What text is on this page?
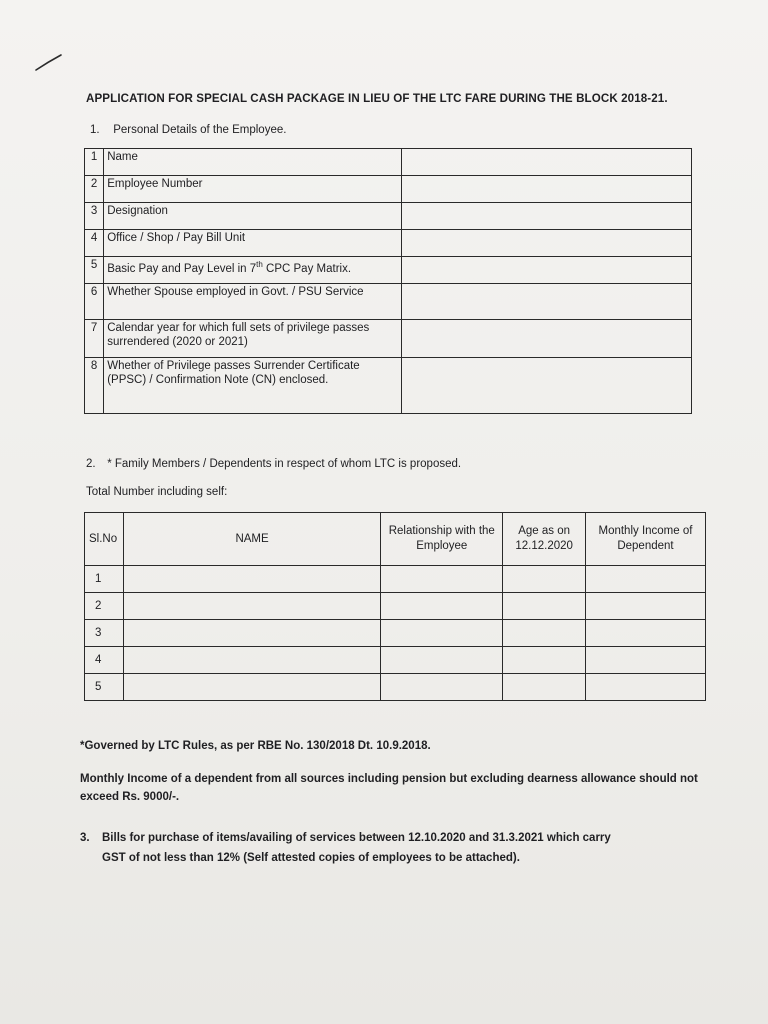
APPLICATION FOR SPECIAL CASH PACKAGE IN LIEU OF THE LTC FARE DURING THE BLOCK 2018-21.
1. Personal Details of the Employee.
1	Name	
2	Employee Number	
3	Designation	
4	Office / Shop / Pay Bill Unit	
5	Basic Pay and Pay Level in 7th CPC Pay Matrix.	
6	Whether Spouse employed in Govt. / PSU Service	
7	Calendar year for which full sets of privilege passes surrendered (2020 or 2021)	
8	Whether of Privilege passes Surrender Certificate (PPSC) / Confirmation Note (CN) enclosed.	
2. * Family Members / Dependents in respect of whom LTC is proposed.
Total Number including self:
Sl.No	NAME	Relationship with the Employee	Age as on 12.12.2020	Monthly Income of Dependent
1				
2				
3				
4				
5				
*Governed by LTC Rules, as per RBE No. 130/2018 Dt. 10.9.2018.
Monthly Income of a dependent from all sources including pension but excluding dearness allowance should not exceed Rs. 9000/-.
3. Bills for purchase of items/availing of services between 12.10.2020 and 31.3.2021 which carry
GST of not less than 12% (Self attested copies of employees to be attached).
